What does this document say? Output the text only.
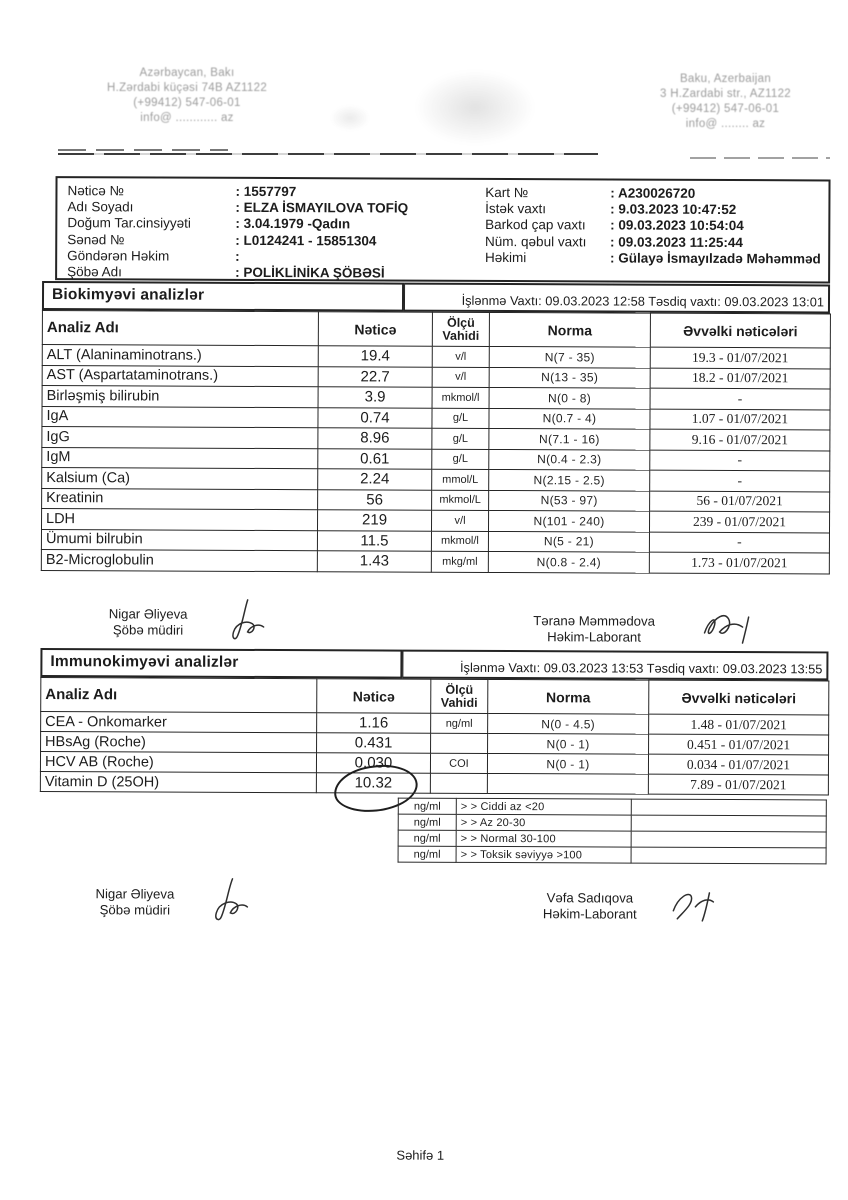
Azərbaycan, Bakı
H.Zərdabi küçəsi 74B AZ1122
(+99412) 547-06-01
info@ ............ az
Baku, Azerbaijan
3 H.Zardabi str., AZ1122
(+99412) 547-06-01
info@ ........ az
Nəticə №	: 1557797
Adı Soyadı	: ELZA İSMAYILOVA TOFİQ
Doğum Tar.cinsiyyəti	: 3.04.1979 -Qadın
Sənəd №	: L0124241 - 15851304
Göndərən Həkim	:
Şöbə Adı	: POLİKLİNİKA ŞÖBƏSİ
Kart №	: A230026720
İstək vaxtı	: 9.03.2023 10:47:52
Barkod çap vaxtı	: 09.03.2023 10:54:04
Nüm. qəbul vaxtı	: 09.03.2023 11:25:44
Həkimi	: Gülayə İsmayılzadə Məhəmməd
Biokimyəvi analizlər	İşlənmə Vaxtı: 09.03.2023 12:58 Təsdiq vaxtı: 09.03.2023 13:01
Analiz Adı	Nəticə	Ölçü Vahidi	Norma	Əvvəlki nəticələri
ALT (Alaninaminotrans.)	19.4	v/l	N(7 - 35)	19.3 - 01/07/2021
AST (Aspartataminotrans.)	22.7	v/l	N(13 - 35)	18.2 - 01/07/2021
Birləşmiş bilirubin	3.9	mkmol/l	N(0 - 8)	-
IgA	0.74	g/L	N(0.7 - 4)	1.07 - 01/07/2021
IgG	8.96	g/L	N(7.1 - 16)	9.16 - 01/07/2021
IgM	0.61	g/L	N(0.4 - 2.3)	-
Kalsium (Ca)	2.24	mmol/L	N(2.15 - 2.5)	-
Kreatinin	56	mkmol/L	N(53 - 97)	56 - 01/07/2021
LDH	219	v/l	N(101 - 240)	239 - 01/07/2021
Ümumi bilrubin	11.5	mkmol/l	N(5 - 21)	-
B2-Microglobulin	1.43	mkg/ml	N(0.8 - 2.4)	1.73 - 01/07/2021
Nigar Əliyeva
Şöbə müdiri
Təranə Məmmədova
Həkim-Laborant
Immunokimyəvi analizlər	İşlənmə Vaxtı: 09.03.2023 13:53 Təsdiq vaxtı: 09.03.2023 13:55
Analiz Adı	Nəticə	Ölçü Vahidi	Norma	Əvvəlki nəticələri
CEA - Onkomarker	1.16	ng/ml	N(0 - 4.5)	1.48 - 01/07/2021
HBsAg (Roche)	0.431		N(0 - 1)	0.451 - 01/07/2021
HCV AB (Roche)	0.030	COI	N(0 - 1)	0.034 - 01/07/2021
Vitamin D (25OH)	10.32			7.89 - 01/07/2021
ng/ml	> > Ciddi az <20	
ng/ml	> > Az 20-30	
ng/ml	> > Normal 30-100	
ng/ml	> > Toksik səviyyə >100	
Nigar Əliyeva
Şöbə müdiri
Vəfa Sadıqova
Həkim-Laborant
Səhifə 1
